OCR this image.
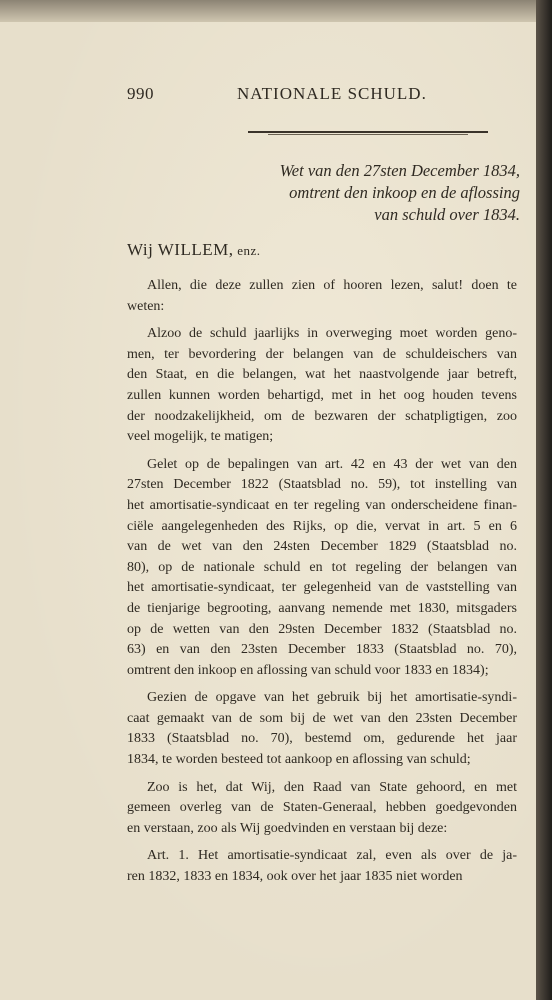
990	NATIONALE SCHULD.
Wet van den 27sten December 1834,
omtrent den inkoop en de aflossing
van schuld over 1834.
Wij WILLEM, enz.

Allen, die deze zullen zien of hooren lezen, salut! doen te
weten:

Alzoo de schuld jaarlijks in overweging moet worden geno-
men, ter bevordering der belangen van de schuldeischers van
den Staat, en die belangen, wat het naastvolgende jaar betreft,
zullen kunnen worden behartigd, met in het oog houden tevens
der noodzakelijkheid, om de bezwaren der schatpligtigen, zoo
veel mogelijk, te matigen;

Gelet op de bepalingen van art. 42 en 43 der wet van den
27sten December 1822 (Staatsblad no. 59), tot instelling van
het amortisatie-syndicaat en ter regeling van onderscheidene finan-
ciële aangelegenheden des Rijks, op die, vervat in art. 5 en 6
van de wet van den 24sten December 1829 (Staatsblad no.
80), op de nationale schuld en tot regeling der belangen van
het amortisatie-syndicaat, ter gelegenheid van de vaststelling van
de tienjarige begrooting, aanvang nemende met 1830, mitsgaders
op de wetten van den 29sten December 1832 (Staatsblad no.
63) en van den 23sten December 1833 (Staatsblad no. 70),
omtrent den inkoop en aflossing van schuld voor 1833 en 1834);

Gezien de opgave van het gebruik bij het amortisatie-syndi-
caat gemaakt van de som bij de wet van den 23sten December
1833 (Staatsblad no. 70), bestemd om, gedurende het jaar
1834, te worden besteed tot aankoop en aflossing van schuld;

Zoo is het, dat Wij, den Raad van State gehoord, en met
gemeen overleg van de Staten-Generaal, hebben goedgevonden
en verstaan, zoo als Wij goedvinden en verstaan bij deze:

Art. 1. Het amortisatie-syndicaat zal, even als over de ja-
ren 1832, 1833 en 1834, ook over het jaar 1835 niet worden
